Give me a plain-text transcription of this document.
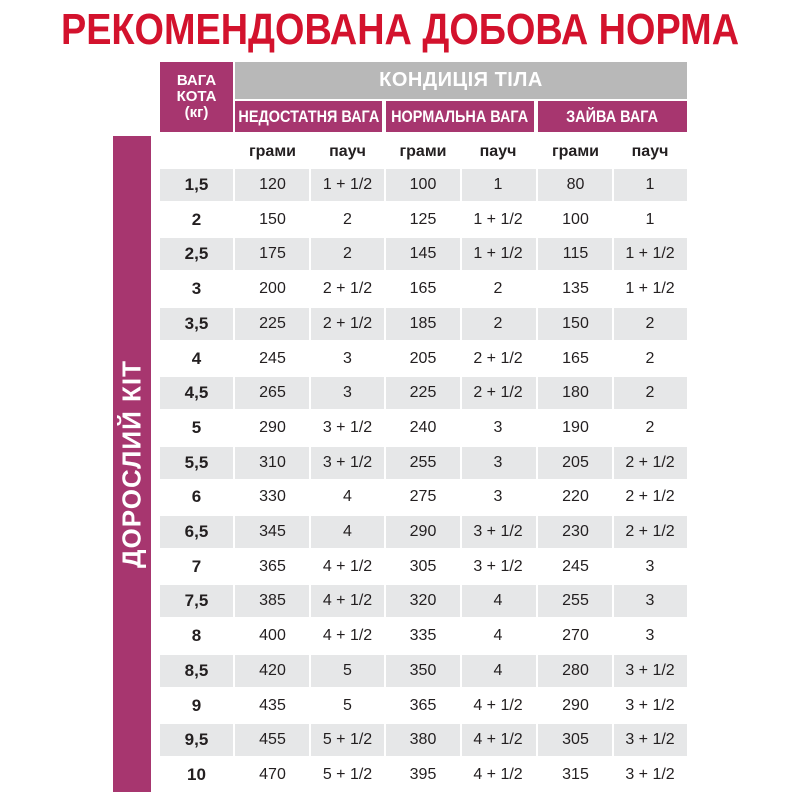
РЕКОМЕНДОВАНА ДОБОВА НОРМА
ВАГА
КОТА
(кг)
КОНДИЦІЯ ТІЛА
НЕДОСТАТНЯ ВАГА НОРМАЛЬНА ВАГА ЗАЙВА ВАГА
ДОРОСЛИЙ КІТ
грами	пауч	грами	пауч	грами	пауч
1,5	120	1 + 1/2	100	1	80	1
2	150	2	125	1 + 1/2	100	1
2,5	175	2	145	1 + 1/2	115	1 + 1/2
3	200	2 + 1/2	165	2	135	1 + 1/2
3,5	225	2 + 1/2	185	2	150	2
4	245	3	205	2 + 1/2	165	2
4,5	265	3	225	2 + 1/2	180	2
5	290	3 + 1/2	240	3	190	2
5,5	310	3 + 1/2	255	3	205	2 + 1/2
6	330	4	275	3	220	2 + 1/2
6,5	345	4	290	3 + 1/2	230	2 + 1/2
7	365	4 + 1/2	305	3 + 1/2	245	3
7,5	385	4 + 1/2	320	4	255	3
8	400	4 + 1/2	335	4	270	3
8,5	420	5	350	4	280	3 + 1/2
9	435	5	365	4 + 1/2	290	3 + 1/2
9,5	455	5 + 1/2	380	4 + 1/2	305	3 + 1/2
10	470	5 + 1/2	395	4 + 1/2	315	3 + 1/2
